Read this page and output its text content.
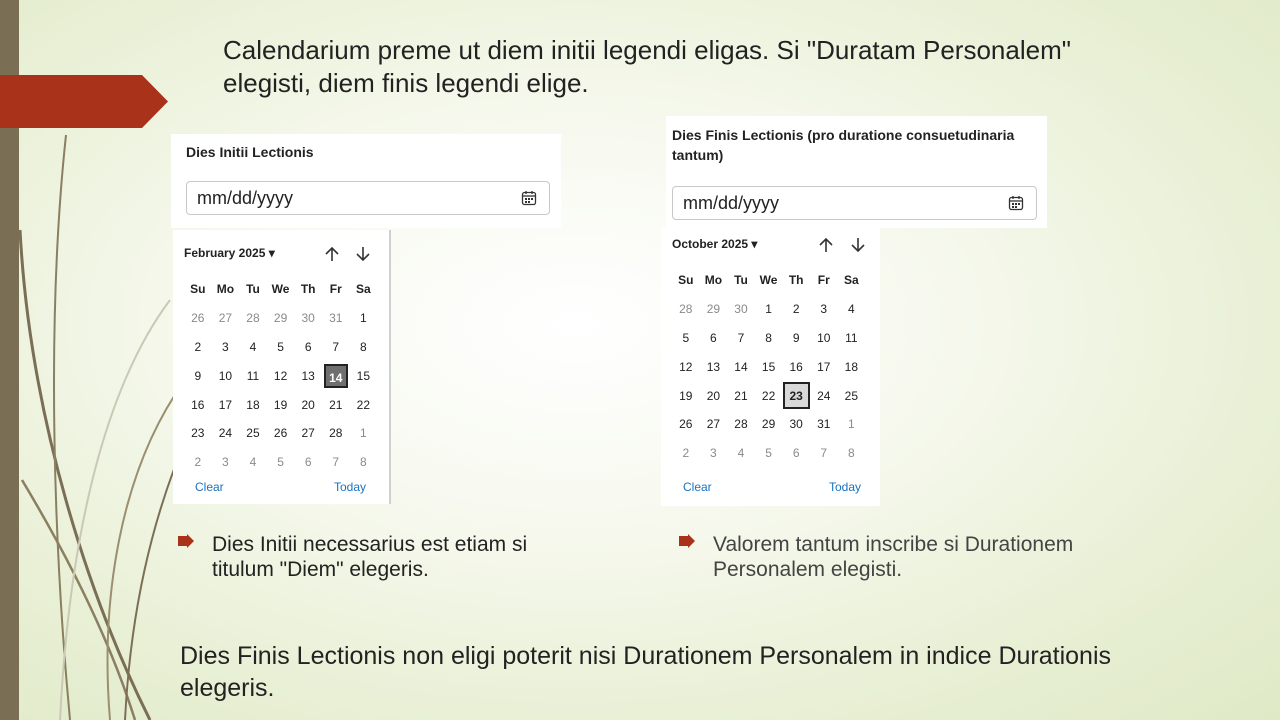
Calendarium preme ut diem initii legendi eligas. Si "Duratam Personalem" elegisti, diem finis legendi elige.
Dies Initii Lectionis
mm/dd/yyyy
February 2025 ▾
Su	Mo	Tu	We	Th	Fr	Sa
26	27	28	29	30	31	1
2	3	4	5	6	7	8
9	10	11	12	13	14	15
16	17	18	19	20	21	22
23	24	25	26	27	28	1
2	3	4	5	6	7	8
Clear	Today
Dies Finis Lectionis (pro duratione consuetudinaria tantum)
mm/dd/yyyy
October 2025 ▾
Su	Mo	Tu	We	Th	Fr	Sa
28	29	30	1	2	3	4
5	6	7	8	9	10	11
12	13	14	15	16	17	18
19	20	21	22	23	24	25
26	27	28	29	30	31	1
2	3	4	5	6	7	8
Clear	Today
Dies Initii necessarius est etiam si titulum "Diem" elegeris.
Valorem tantum inscribe si Durationem Personalem elegisti.
Dies Finis Lectionis non eligi poterit nisi Durationem Personalem in indice Durationis elegeris.
